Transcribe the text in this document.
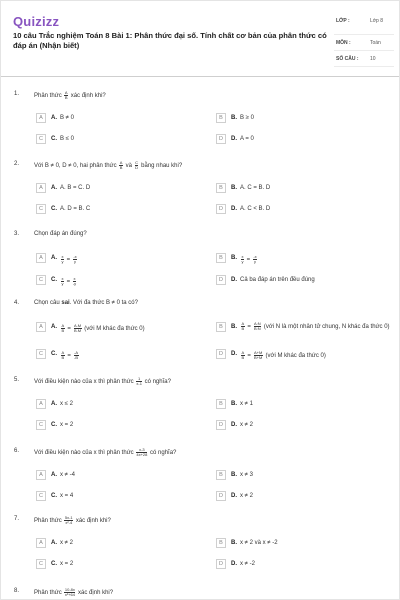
Quizizz
10 câu Trắc nghiệm Toán 8 Bài 1: Phân thức đại số. Tính chất cơ bản của phân thức có đáp án (Nhận biết)
LỚP :	Lớp 8
MÔN :	Toán
SỐ CÂU : 10
1. Phân thức $\frac{A}{B}$ xác định khi?
A	A. B ≠ 0	B	B. B ≥ 0
C	C. B ≤ 0	D	D. A = 0
2. Với B ≠ 0, D ≠ 0, hai phân thức $\frac{A}{B}$ và $\frac{C}{D}$ bằng nhau khi?
A	A. A. B = C. D	B	B. A. C = B. D
C	C. A. D = B. C	D	D. A. C < B. D
3. Chọn đáp án đúng?
A	A. $\frac{x}{y} = \frac{-x}{y}$	B	B. $\frac{x}{y} = \frac{-x}{y}$
C	C. $\frac{x}{y} = \frac{x}{-y}$	D	D. Cả ba đáp án trên đều đúng
4. Chọn câu sai. Với đa thức B ≠ 0 ta có?
A	A. $\frac{A}{B} = \frac{A.M}{B.M}$ (với M khác đa thức 0)	B	B. $\frac{A}{B} = \frac{A:N}{B:N}$ (với N là một nhân tử chung, N khác đa thức 0)
C	C. $\frac{A}{B} = \frac{-A}{-B}$	D	D. $\frac{A}{B} = \frac{A+M}{B+M}$ (với M khác đa thức 0)
5. Với điều kiện nào của x thì phân thức $\frac{1}{x-1}$ có nghĩa?
A	A. x ≤ 2	B	B. x ≠ 1
C	C. x = 2	D	D. x ≠ 2
6. Với điều kiện nào của x thì phân thức $\frac{x-3}{4x+28}$ có nghĩa?
A	A. x ≠ -4	B	B. x ≠ 3
C	C. x = 4	D	D. x ≠ 2
7. Phân thức $\frac{5x-1}{\text{x²-4}}$ xác định khi?
A	A. x ≠ 2	B	B. x ≠ 2 và x ≠ -2
C	C. x = 2	D	D. x ≠ -2
8. Phân thức $\frac{10-8x}{\text{x²+64}}$ xác định khi?
